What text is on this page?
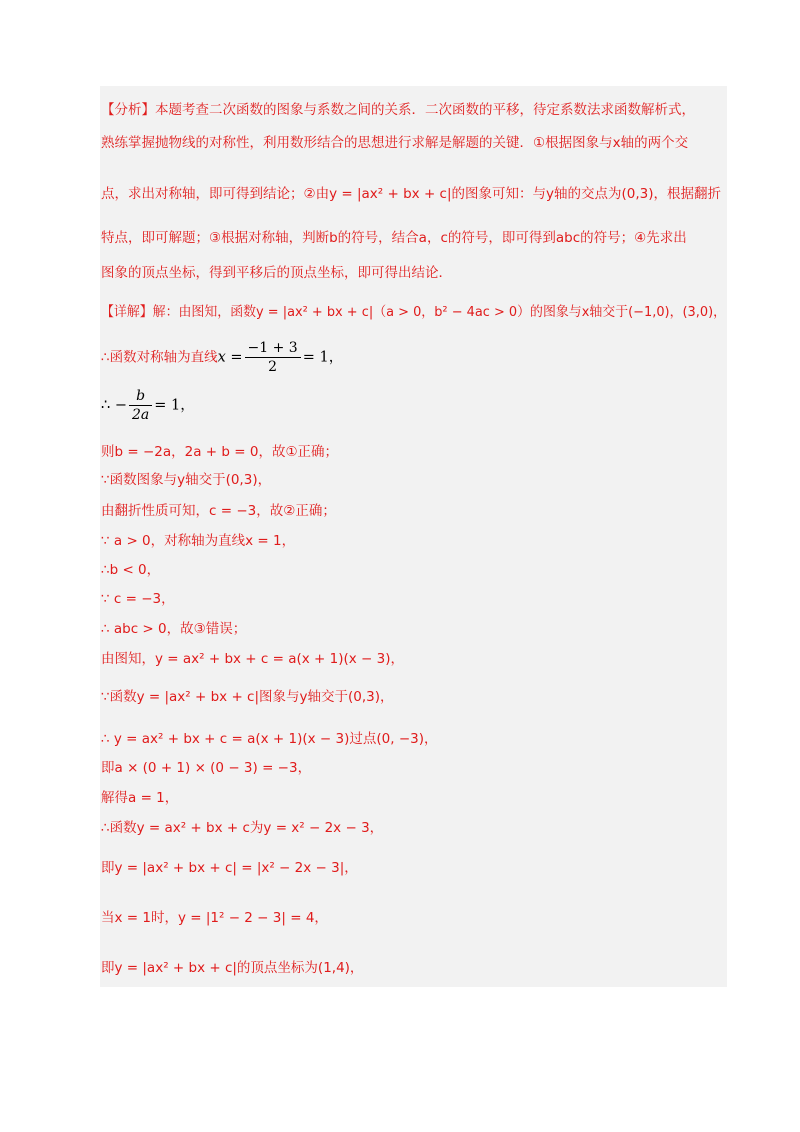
【分析】本题考查二次函数的图象与系数之间的关系．二次函数的平移，待定系数法求函数解析式，
熟练掌握抛物线的对称性，利用数形结合的思想进行求解是解题的关键．①根据图象与x轴的两个交
点，求出对称轴，即可得到结论；②由y = |ax² + bx + c|的图象可知：与y轴的交点为(0,3)，根据翻折
特点，即可解题；③根据对称轴，判断b的符号，结合a，c的符号，即可得到abc的符号；④先求出
图象的顶点坐标，得到平移后的顶点坐标，即可得出结论．
【详解】解：由图知，函数y = |ax² + bx + c|（a > 0，b² − 4ac > 0）的图象与x轴交于(−1,0)，(3,0)，
∴函数对称轴为直线$x = \frac{-1 + 3}{2} = 1$，
∴ − $\frac{b}{2a} = 1$，
则b = −2a，2a + b = 0，故①正确；
∵函数图象与y轴交于(0,3)，
由翻折性质可知，c = −3，故②正确；
∵ a > 0，对称轴为直线x = 1，
∴b < 0，
∵ c = −3，
∴ abc > 0，故③错误；
由图知，y = ax² + bx + c = a(x + 1)(x − 3)，
∵函数y = |ax² + bx + c|图象与y轴交于(0,3)，
∴ y = ax² + bx + c = a(x + 1)(x − 3)过点(0, −3)，
即a × (0 + 1) × (0 − 3) = −3，
解得a = 1，
∴函数y = ax² + bx + c为y = x² − 2x − 3，
即y = |ax² + bx + c| = |x² − 2x − 3|，
当x = 1时，y = |1² − 2 − 3| = 4，
即y = |ax² + bx + c|的顶点坐标为(1,4)，
